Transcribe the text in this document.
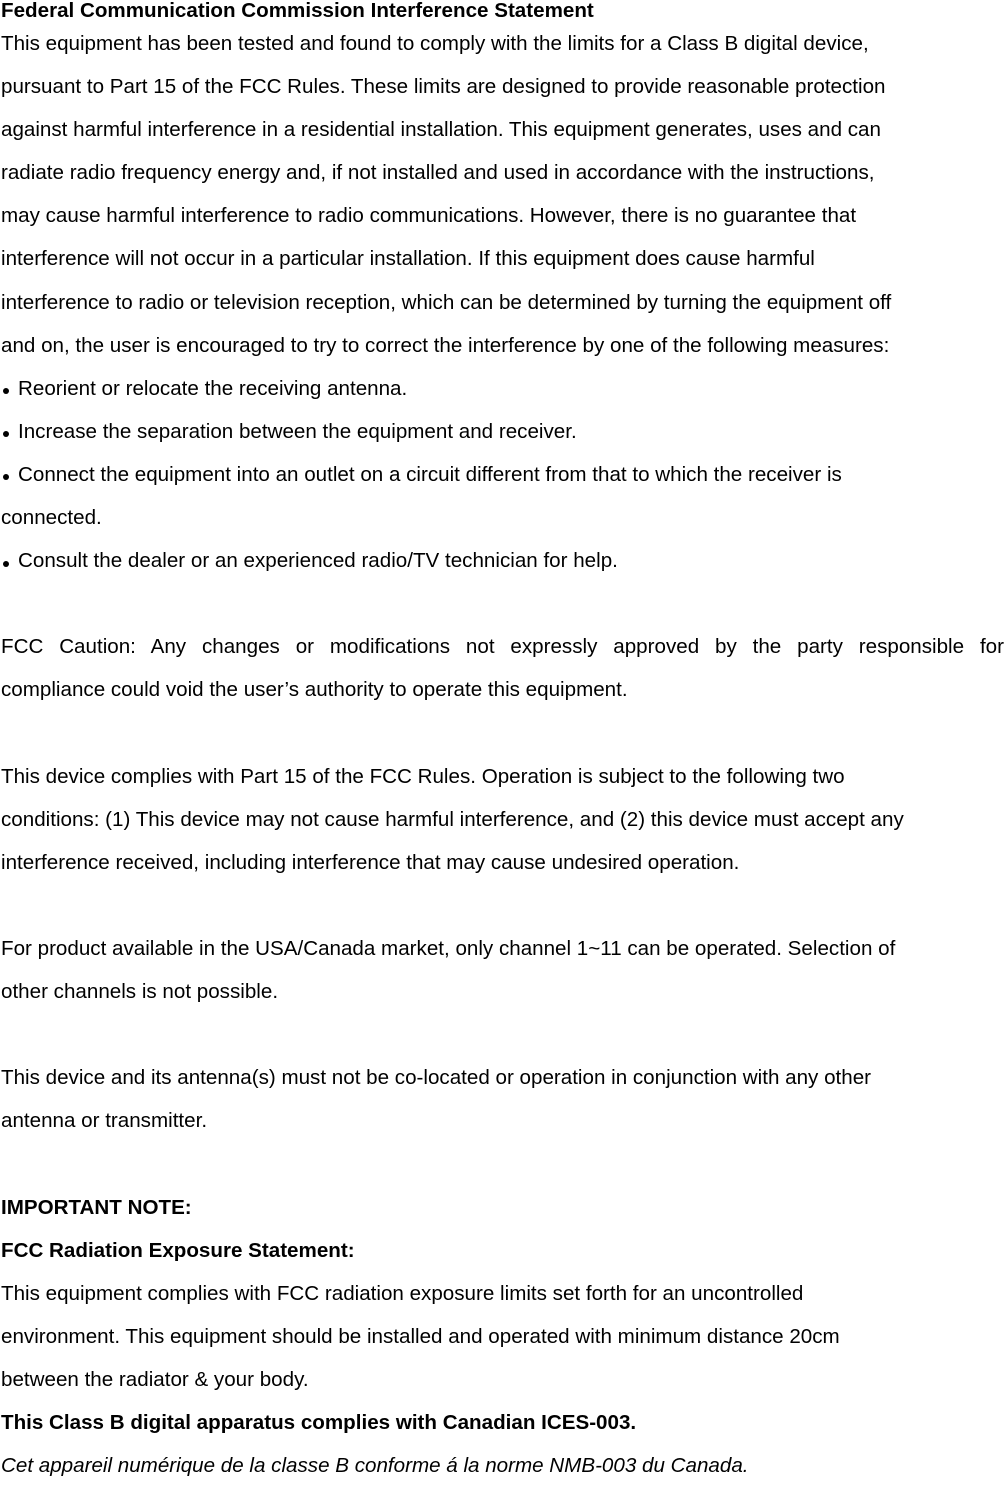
Federal Communication Commission Interference Statement
This equipment has been tested and found to comply with the limits for a Class B digital device,
pursuant to Part 15 of the FCC Rules. These limits are designed to provide reasonable protection
against harmful interference in a residential installation. This equipment generates, uses and can
radiate radio frequency energy and, if not installed and used in accordance with the instructions,
may cause harmful interference to radio communications. However, there is no guarantee that
interference will not occur in a particular installation. If this equipment does cause harmful
interference to radio or television reception, which can be determined by turning the equipment off
and on, the user is encouraged to try to correct the interference by one of the following measures:
Reorient or relocate the receiving antenna.
Increase the separation between the equipment and receiver.
Connect the equipment into an outlet on a circuit different from that to which the receiver is
connected.
Consult the dealer or an experienced radio/TV technician for help.
FCC Caution: Any changes or modifications not expressly approved by the party responsible for
compliance could void the user’s authority to operate this equipment.
This device complies with Part 15 of the FCC Rules. Operation is subject to the following two
conditions: (1) This device may not cause harmful interference, and (2) this device must accept any
interference received, including interference that may cause undesired operation.
For product available in the USA/Canada market, only channel 1~11 can be operated. Selection of
other channels is not possible.
This device and its antenna(s) must not be co-located or operation in conjunction with any other
antenna or transmitter.
IMPORTANT NOTE:
FCC Radiation Exposure Statement:
This equipment complies with FCC radiation exposure limits set forth for an uncontrolled
environment. This equipment should be installed and operated with minimum distance 20cm
between the radiator & your body.
This Class B digital apparatus complies with Canadian ICES-003.
Cet appareil numérique de la classe B conforme á la norme NMB-003 du Canada.
